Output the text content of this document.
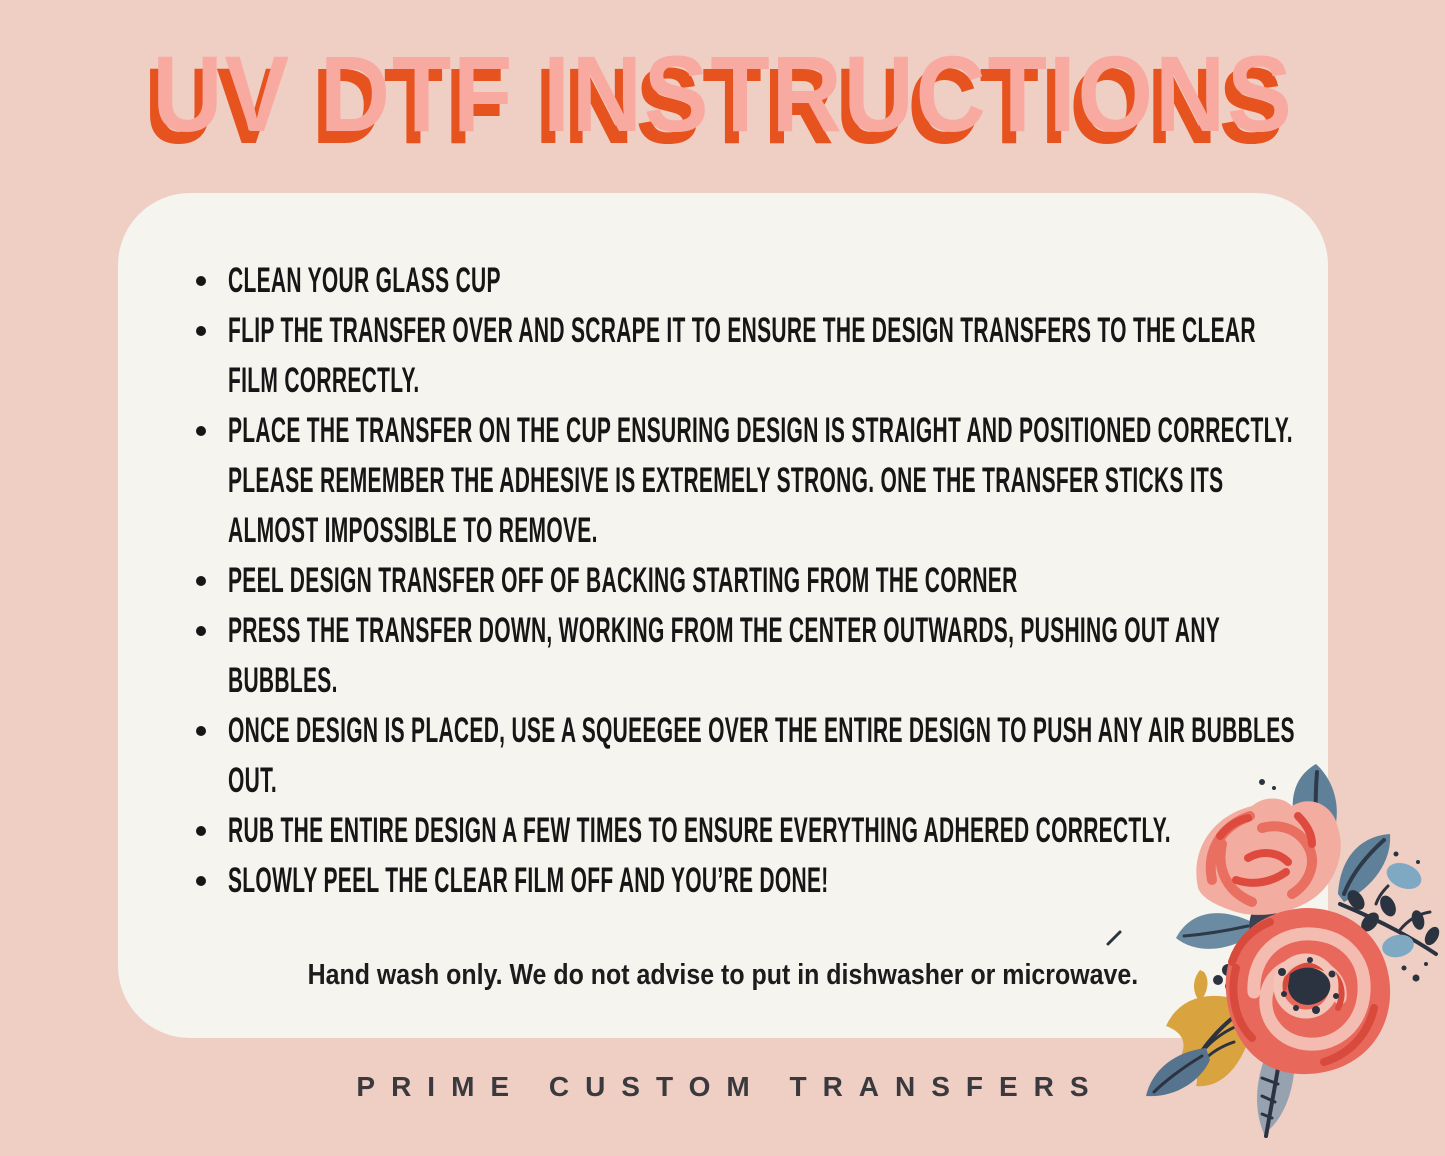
UV DTF INSTRUCTIONS
CLEAN YOUR GLASS CUP
FLIP THE TRANSFER OVER AND SCRAPE IT TO ENSURE THE DESIGN TRANSFERS TO THE CLEAR
FILM CORRECTLY.
PLACE THE TRANSFER ON THE CUP ENSURING DESIGN IS STRAIGHT AND POSITIONED CORRECTLY.
PLEASE REMEMBER THE ADHESIVE IS EXTREMELY STRONG. ONE THE TRANSFER STICKS ITS
ALMOST IMPOSSIBLE TO REMOVE.
PEEL DESIGN TRANSFER OFF OF BACKING STARTING FROM THE CORNER
PRESS THE TRANSFER DOWN, WORKING FROM THE CENTER OUTWARDS, PUSHING OUT ANY
BUBBLES.
ONCE DESIGN IS PLACED, USE A SQUEEGEE OVER THE ENTIRE DESIGN TO PUSH ANY AIR BUBBLES
OUT.
RUB THE ENTIRE DESIGN A FEW TIMES TO ENSURE EVERYTHING ADHERED CORRECTLY.
SLOWLY PEEL THE CLEAR FILM OFF AND YOU’RE DONE!

Hand wash only. We do not advise to put in dishwasher or microwave.

PRIME CUSTOM TRANSFERS
